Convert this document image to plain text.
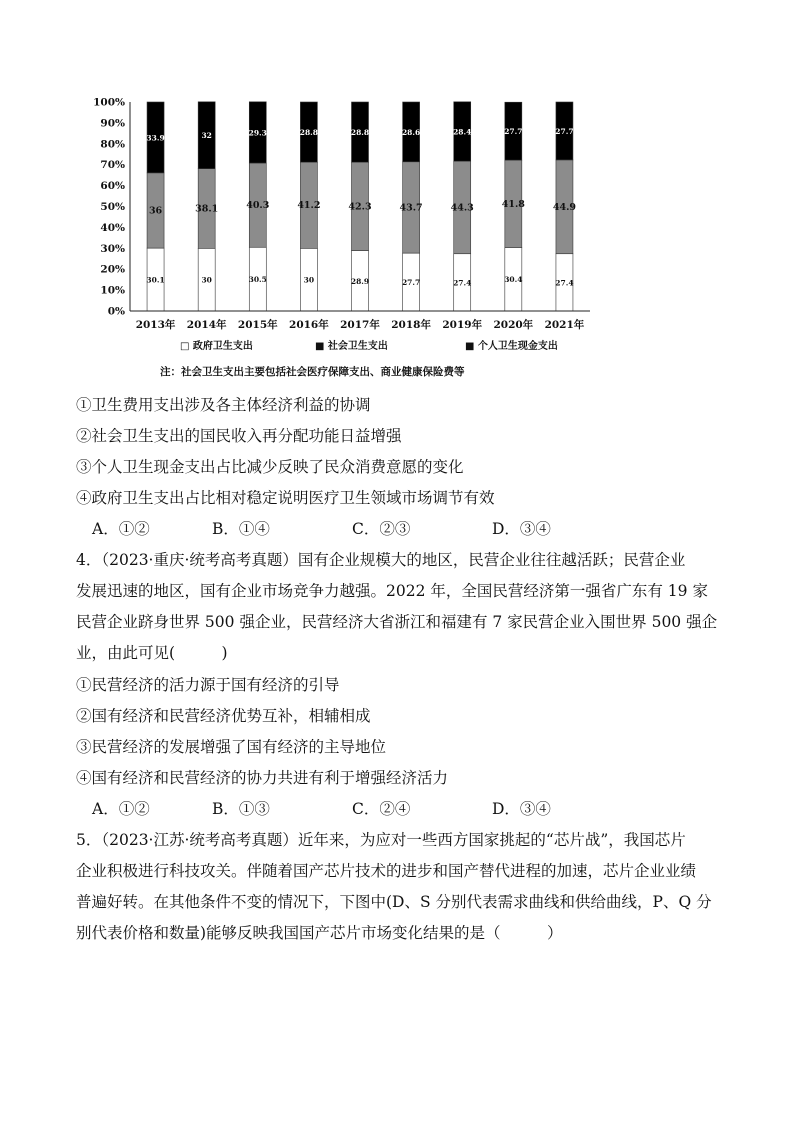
0%
10%
20%
30%
40%
50%
60%
70%
80%
90%
100%
30.1
36
33.9
30
38.1
32
30.5
40.3
29.3
30
41.2
28.8
28.9
42.3
28.8
27.7
43.7
28.6
27.4
44.3
28.4
30.4
41.8
27.7
27.4
44.9
27.7
2013年 2014年 2015年 2016年 2017年 2018年 2019年 2020年 2021年
□ 政府卫生支出	■ 社会卫生支出	■ 个人卫生现金支出
注：社会卫生支出主要包括社会医疗保障支出、商业健康保险费等
①卫生费用支出涉及各主体经济利益的协调
②社会卫生支出的国民收入再分配功能日益增强
③个人卫生现金支出占比减少反映了民众消费意愿的变化
④政府卫生支出占比相对稳定说明医疗卫生领域市场调节有效
A．①②	B．①④	C．②③	D．③④
4．（2023·重庆·统考高考真题）国有企业规模大的地区，民营企业往往越活跃；民营企业
发展迅速的地区，国有企业市场竞争力越强。2022 年，全国民营经济第一强省广东有 19 家
民营企业跻身世界 500 强企业，民营经济大省浙江和福建有 7 家民营企业入围世界 500 强企
业，由此可见(　　　)
①民营经济的活力源于国有经济的引导
②国有经济和民营经济优势互补，相辅相成
③民营经济的发展增强了国有经济的主导地位
④国有经济和民营经济的协力共进有利于增强经济活力
A．①②	B．①③	C．②④	D．③④
5．（2023·江苏·统考高考真题）近年来，为应对一些西方国家挑起的“芯片战”，我国芯片
企业积极进行科技攻关。伴随着国产芯片技术的进步和国产替代进程的加速，芯片企业业绩
普遍好转。在其他条件不变的情况下，下图中(D、S 分别代表需求曲线和供给曲线，P、Q 分
别代表价格和数量)能够反映我国国产芯片市场变化结果的是（　　　）
